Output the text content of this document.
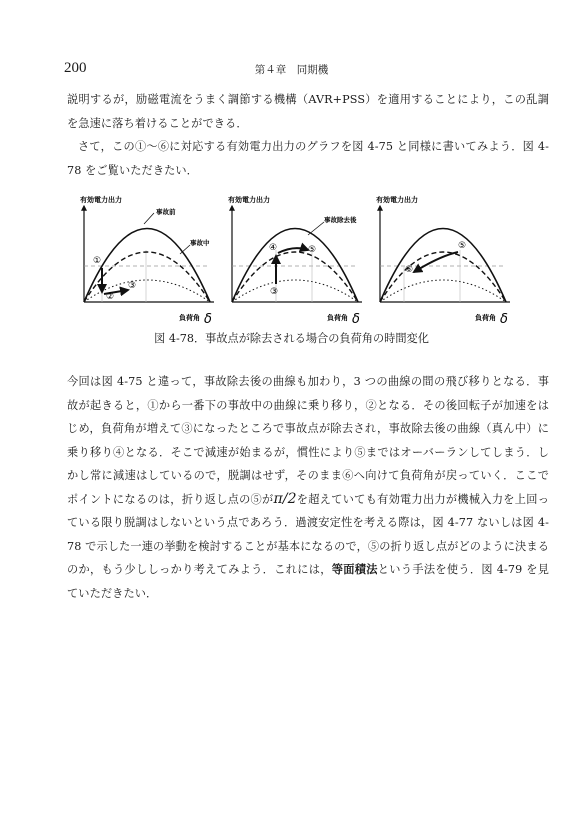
200	第４章　同期機

説明するが，励磁電流をうまく調節する機構（AVR+PSS）を適用することにより，この乱調を急速に落ち着けることができる．

さて，この①～⑥に対応する有効電力出力のグラフを図 4-75 と同様に書いてみよう．図 4-78 をご覧いただきたい．

有効電力出力
事故前
事故中
①
②
③
負荷角 δ
有効電力出力
事故除去後
④	⑤
③
負荷角 δ
有効電力出力
⑤
⑥
負荷角 δ
図 4-78．事故点が除去される場合の負荷角の時間変化

今回は図 4-75 と違って，事故除去後の曲線も加わり，3 つの曲線の間の飛び移りとなる．事故が起きると，①から一番下の事故中の曲線に乗り移り，②となる．その後回転子が加速をはじめ，負荷角が増えて③になったところで事故点が除去され，事故除去後の曲線（真ん中）に乗り移り④となる．そこで減速が始まるが，慣性により⑤まではオーバーランしてしまう．しかし常に減速はしているので，脱調はせず，そのまま⑥へ向けて負荷角が戻っていく．ここでポイントになるのは，折り返し点の⑤がπ/2を超えていても有効電力出力が機械入力を上回っている限り脱調はしないという点であろう．過渡安定性を考える際は，図 4-77 ないしは図 4-78 で示した一連の挙動を検討することが基本になるので，⑤の折り返し点がどのように決まるのか，もう少ししっかり考えてみよう．これには，等面積法という手法を使う．図 4-79 を見ていただきたい．
